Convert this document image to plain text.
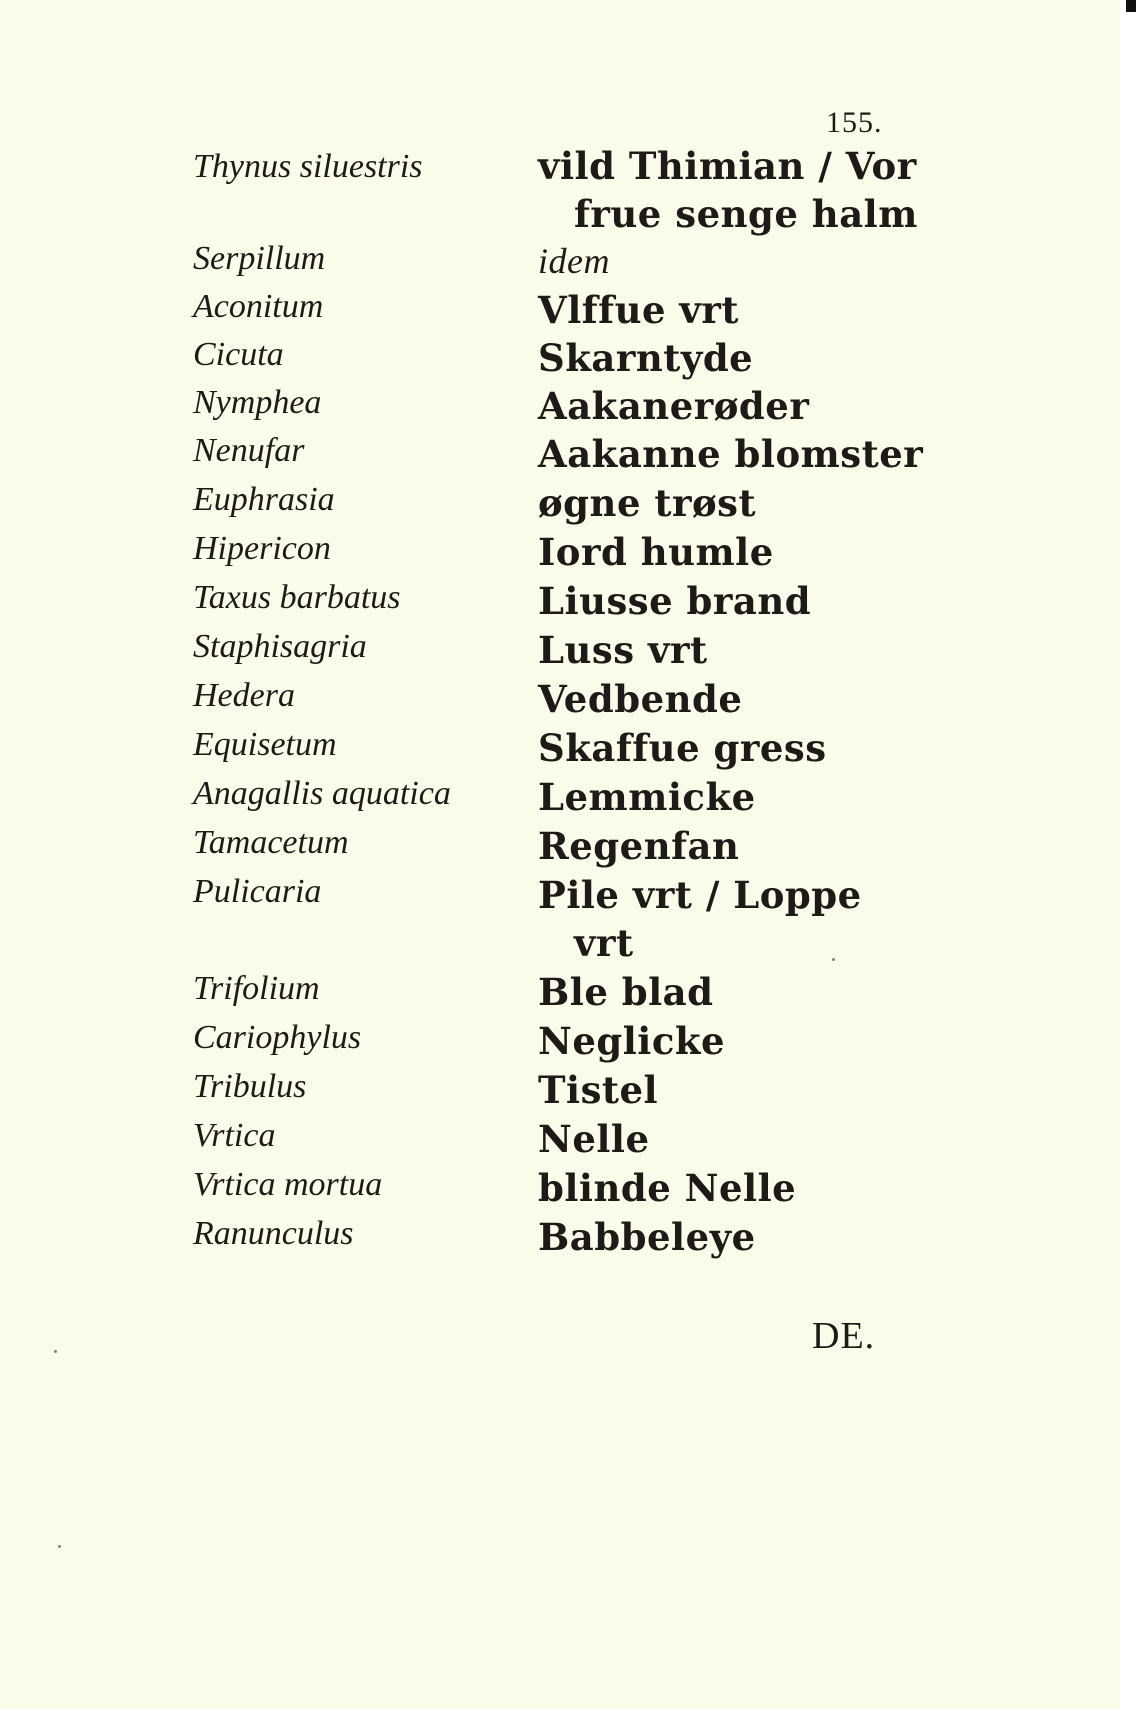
155.
Thynus siluestris	vild Thimian / Vor
frue senge halm
Serpillum	idem
Aconitum	Vlffue vrt
Cicuta	Skarntyde
Nymphea	Aakanerøder
Nenufar	Aakanne blomster
Euphrasia	øgne trøst
Hipericon	Iord humle
Taxus barbatus	Liusse brand
Staphisagria	Luss vrt
Hedera	Vedbende
Equisetum	Skaffue gress
Anagallis aquatica Lemmicke
Tamacetum	Regenfan
Pulicaria	Pile vrt / Loppe
vrt
Trifolium	Ble blad
Cariophylus	Neglicke
Tribulus	Tistel
Vrtica	Nelle
Vrtica mortua	blinde Nelle
Ranunculus	Babbeleye
DE.
